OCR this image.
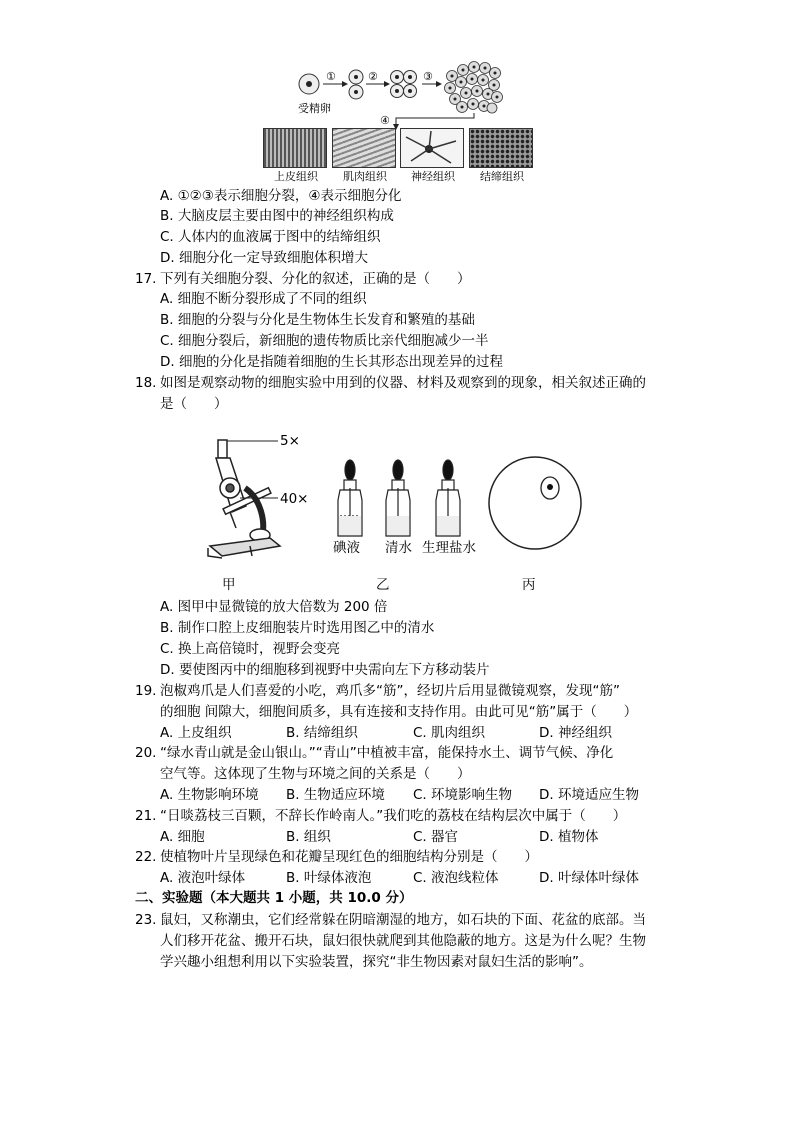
①	②	③
④
受精卵
上皮组织 肌肉组织 神经组织 结缔组织
A. ①②③表示细胞分裂，④表示细胞分化
B. 大脑皮层主要由图中的神经组织构成
C. 人体内的血液属于图中的结缔组织
D. 细胞分化一定导致细胞体积增大
17. 下列有关细胞分裂、分化的叙述，正确的是（　　）
A. 细胞不断分裂形成了不同的组织
B. 细胞的分裂与分化是生物体生长发育和繁殖的基础
C. 细胞分裂后，新细胞的遗传物质比亲代细胞减少一半
D. 细胞的分化是指随着细胞的生长其形态出现差异的过程
18. 如图是观察动物的细胞实验中用到的仪器、材料及观察到的现象，相关叙述正确的
是（　　）
5×
40×
碘液 清水 生理盐水
甲	乙	丙
A. 图甲中显微镜的放大倍数为 200 倍
B. 制作口腔上皮细胞装片时选用图乙中的清水
C. 换上高倍镜时，视野会变亮
D. 要使图丙中的细胞移到视野中央需向左下方移动装片
19. 泡椒鸡爪是人们喜爱的小吃，鸡爪多“筋”，经切片后用显微镜观察，发现“筋”
的细胞 间隙大，细胞间质多，具有连接和支持作用。由此可见“筋”属于（　　）
A. 上皮组织	B. 结缔组织	C. 肌肉组织	D. 神经组织
20. “绿水青山就是金山银山。”“青山”中植被丰富，能保持水土、调节气候、净化
空气等。这体现了生物与环境之间的关系是（　　）
A. 生物影响环境 B. 生物适应环境 C. 环境影响生物 D. 环境适应生物
21. “日啖荔枝三百颗，不辞长作岭南人。”我们吃的荔枝在结构层次中属于（　　）
A. 细胞	B. 组织	C. 器官	D. 植物体
22. 使植物叶片呈现绿色和花瓣呈现红色的细胞结构分别是（　　）
A. 液泡叶绿体	B. 叶绿体液泡	C. 液泡线粒体	D. 叶绿体叶绿体
二、实验题（本大题共 1 小题，共 10.0 分）
23. 鼠妇，又称潮虫，它们经常躲在阴暗潮湿的地方，如石块的下面、花盆的底部。当
人们移开花盆、搬开石块，鼠妇很快就爬到其他隐蔽的地方。这是为什么呢？生物
学兴趣小组想利用以下实验装置，探究“非生物因素对鼠妇生活的影响”。
